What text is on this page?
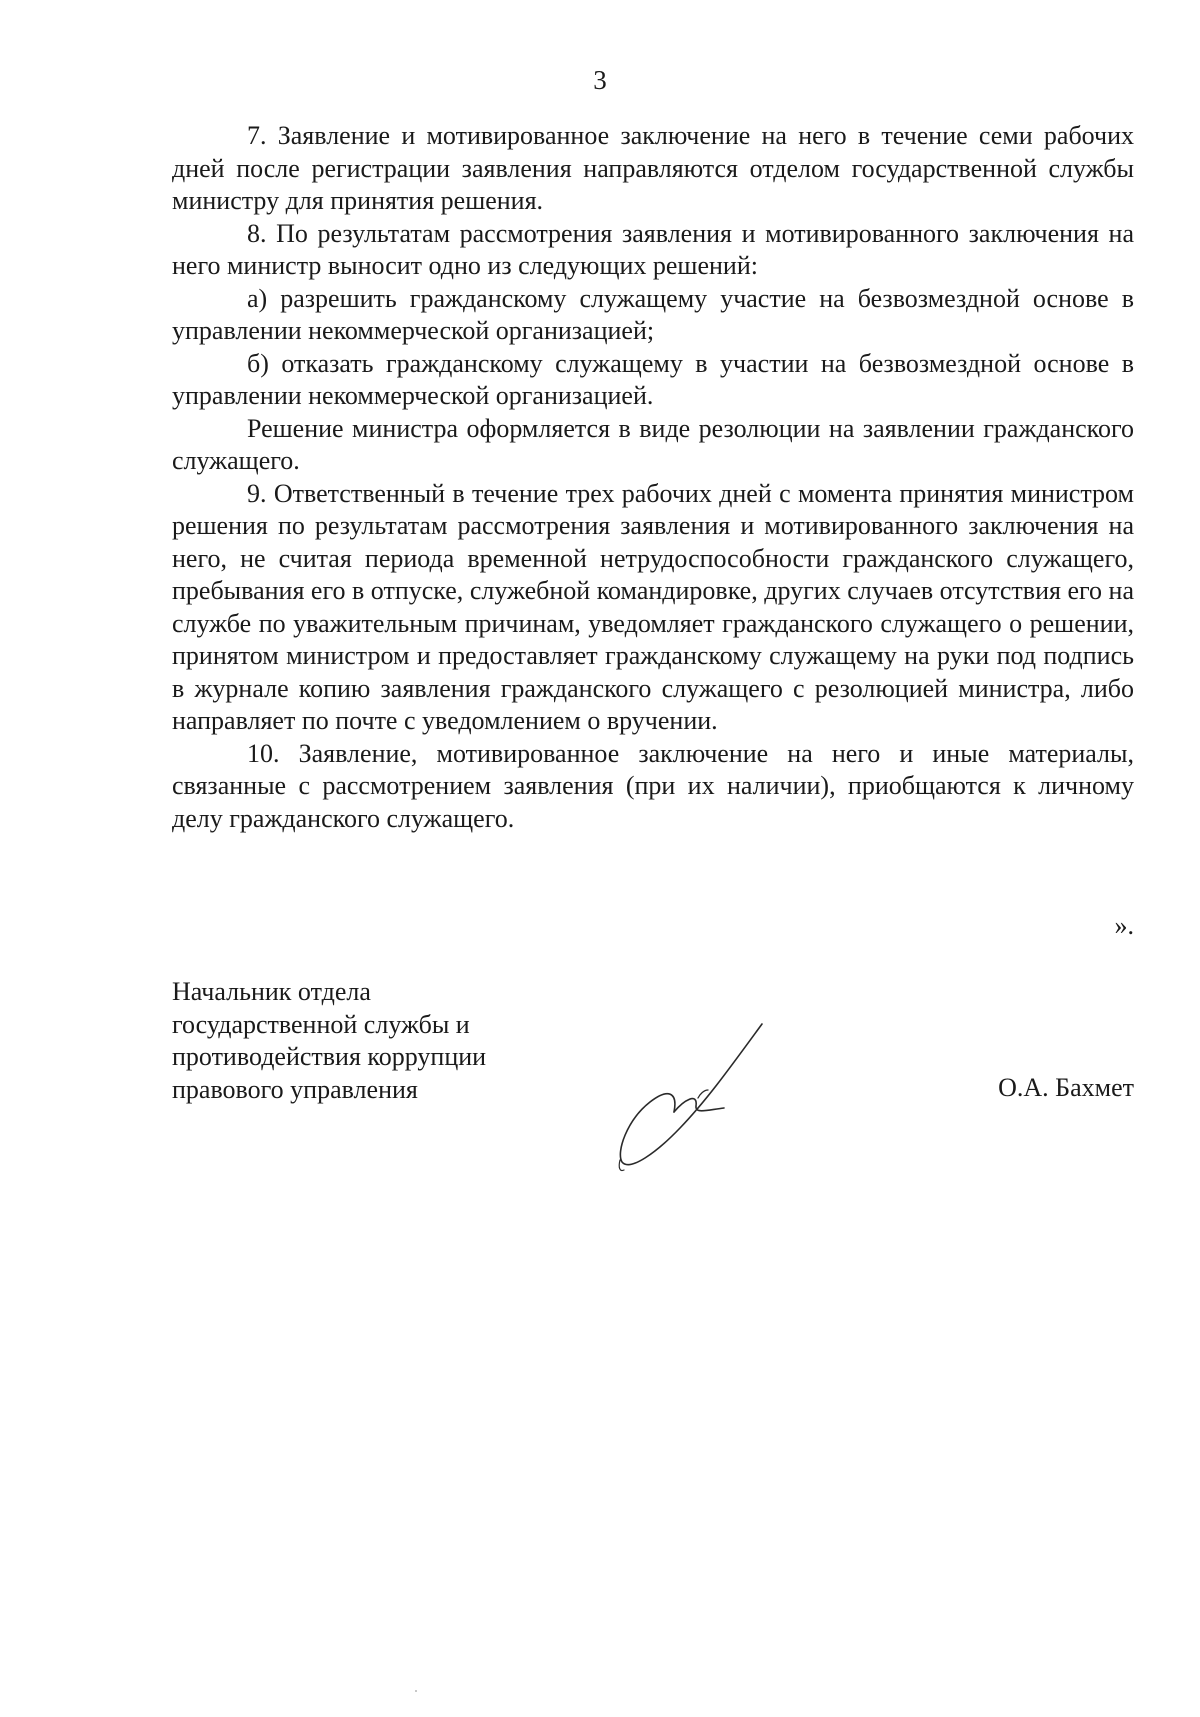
3

7. Заявление и мотивированное заключение на него в течение семи рабочих дней после регистрации заявления направляются отделом государственной службы министру для принятия решения.

8. По результатам рассмотрения заявления и мотивированного заключения на него министр выносит одно из следующих решений:

а) разрешить гражданскому служащему участие на безвозмездной основе в управлении некоммерческой организацией;

б) отказать гражданскому служащему в участии на безвозмездной основе в управлении некоммерческой организацией.

Решение министра оформляется в виде резолюции на заявлении гражданского служащего.

9. Ответственный в течение трех рабочих дней с момента принятия министром решения по результатам рассмотрения заявления и мотивированного заключения на него, не считая периода временной нетрудоспособности гражданского служащего, пребывания его в отпуске, служебной командировке, других случаев отсутствия его на службе по уважительным причинам, уведомляет гражданского служащего о решении, принятом министром и предоставляет гражданскому служащему на руки под подпись в журнале копию заявления гражданского служащего с резолюцией министра, либо направляет по почте с уведомлением о вручении.

10. Заявление, мотивированное заключение на него и иные материалы, связанные с рассмотрением заявления (при их наличии), приобщаются к личному делу гражданского служащего.

».
Начальник отдела
государственной службы и
противодействия коррупции
правового управления	О.А. Бахмет
